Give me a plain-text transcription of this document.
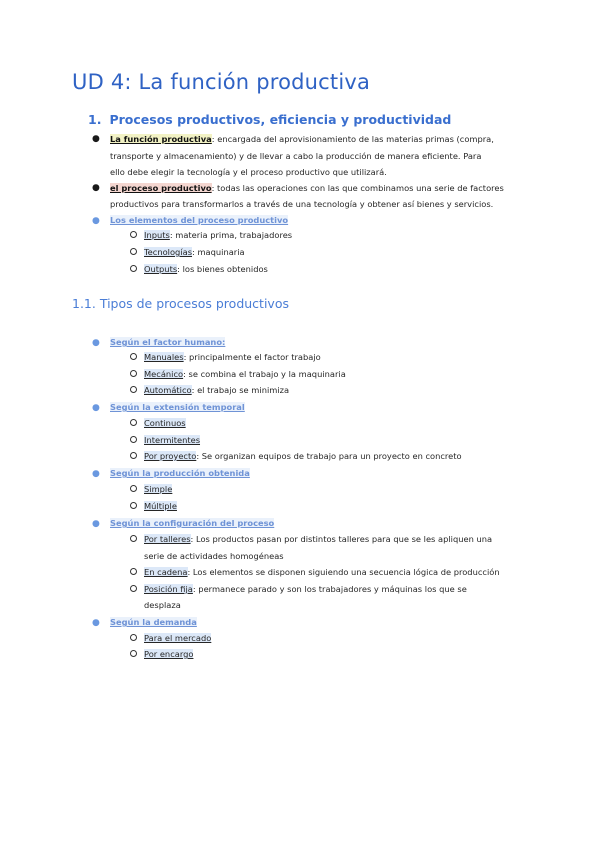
UD 4: La función productiva
1. Procesos productivos, eficiencia y productividad
● La función productiva: encargada del aprovisionamiento de las materias primas (compra,
transporte y almacenamiento) y de llevar a cabo la producción de manera eficiente. Para
ello debe elegir la tecnología y el proceso productivo que utilizará.
● el proceso productivo: todas las operaciones con las que combinamos una serie de factores
productivos para transformarlos a través de una tecnología y obtener así bienes y servicios.
● Los elementos del proceso productivo
Inputs: materia prima, trabajadores
Tecnologías: maquinaria
Outputs: los bienes obtenidos
1.1. Tipos de procesos productivos
● Según el factor humano:
Manuales: principalmente el factor trabajo
Mecánico: se combina el trabajo y la maquinaria
Automático: el trabajo se minimiza
● Según la extensión temporal
Continuos
Intermitentes
Por proyecto: Se organizan equipos de trabajo para un proyecto en concreto
● Según la producción obtenida
Simple
Múltiple
● Según la configuración del proceso
Por talleres: Los productos pasan por distintos talleres para que se les apliquen una
serie de actividades homogéneas
En cadena: Los elementos se disponen siguiendo una secuencia lógica de producción
Posición fija: permanece parado y son los trabajadores y máquinas los que se
desplaza
● Según la demanda
Para el mercado
Por encargo
